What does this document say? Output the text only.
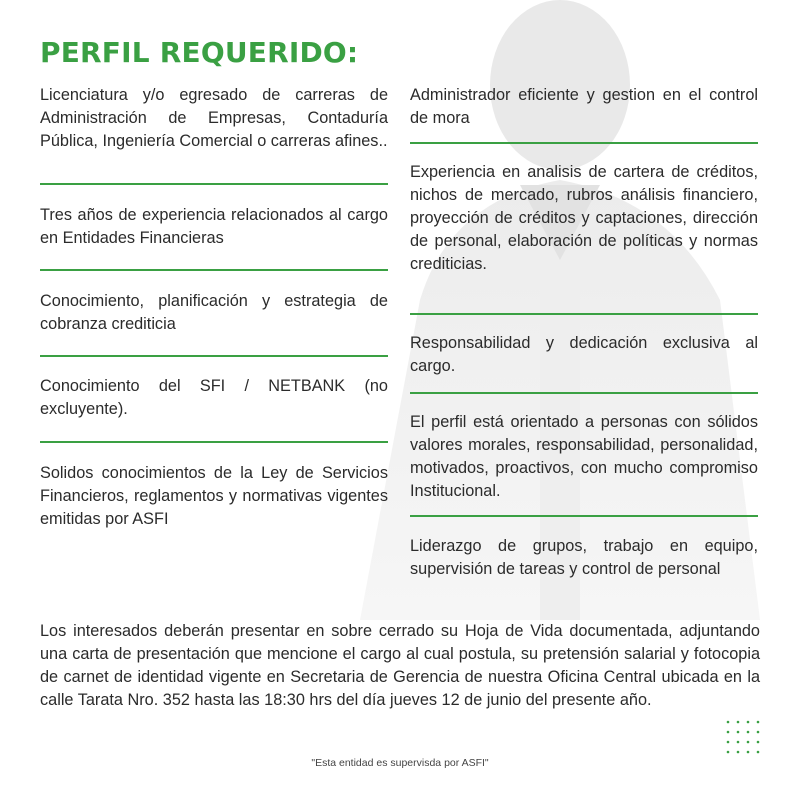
PERFIL REQUERIDO:
Licenciatura y/o egresado de carreras de Administración de Empresas, Contaduría Pública, Ingeniería Comercial o carreras afines..
Tres años de experiencia relacionados al cargo en Entidades Financieras
Conocimiento, planificación y estrategia de cobranza crediticia
Conocimiento del SFI / NETBANK (no excluyente).
Solidos conocimientos de la Ley de Servicios Financieros, reglamentos y normativas vigentes emitidas por ASFI
Administrador eficiente y gestion en el control de mora
Experiencia en analisis de cartera de créditos, nichos de mercado, rubros análisis financiero, proyección de créditos y captaciones, dirección de personal, elaboración de políticas y normas crediticias.
Responsabilidad y dedicación exclusiva al cargo.
El perfil está orientado a personas con sólidos valores morales, responsabilidad, personalidad, motivados, proactivos, con mucho compromiso Institucional.
Liderazgo de grupos, trabajo en equipo, supervisión de tareas y control de personal
Los interesados deberán presentar en sobre cerrado su Hoja de Vida documentada, adjuntando una carta de presentación que mencione el cargo al cual postula, su pretensión salarial y fotocopia de carnet de identidad vigente en Secretaria de Gerencia de nuestra Oficina Central ubicada en la calle Tarata Nro. 352 hasta las 18:30 hrs del día jueves 12 de junio del presente año.
"Esta entidad es supervisda por ASFI"
